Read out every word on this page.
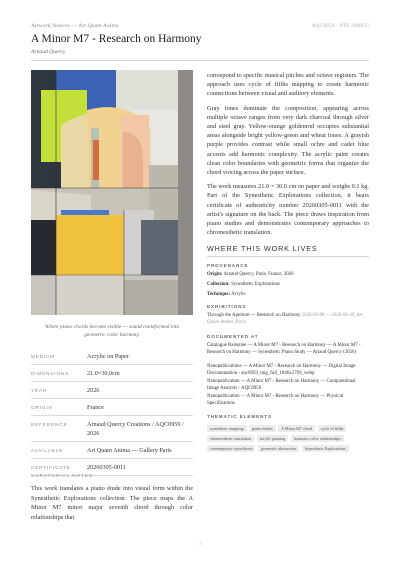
Artwork Notices — Art Quam Anima	AQC0959 · NTC-906035
A Minor M7 - Research on Harmony
Arnaud Quercy
Where piano chords become visible — sound transformed into geometric color harmony.
MEDIUM	Acrylic on Paper
DIMENSIONS	21.0×30.0cm
YEAR	2026
ORIGIN	France
REFERENCE	Arnaud Quercy Creations / AQC0959 / 2026
AVAILABLE	Art Quam Anima — Gallery Paris
CERTIFICATE	20260305-0011
CURATORIAL NOTES
This work translates a piano étude into visual form within the Synesthetic Explorations collection. The piece maps the A Minor M7 minor major seventh chord through color relationships that

correspond to specific musical pitches and octave registers. The approach uses cycle of fifths mapping to create harmonic connections between visual and auditory elements.

Gray tones dominate the composition, appearing across multiple octave ranges from very dark charcoal through silver and steel gray. Yellow-orange goldenrod occupies substantial areas alongside bright yellow-green and wheat tones. A grayish purple provides contrast while small ochre and cadet blue accents add harmonic complexity. The acrylic paint creates clean color boundaries with geometric forms that organize the chord voicing across the paper surface.

The work measures 21.0 × 30.0 cm on paper and weighs 0.1 kg. Part of the Synesthetic Explorations collection, it bears certificate of authenticity number 20260305-0011 with the artist's signature on the back. The piece draws inspiration from piano studies and demonstrates contemporary approaches to chromesthetic translation.

WHERE THIS WORK LIVES
PROVENANCE
Origin: Arnaud Quercy, Paris, France, 2026
Collection: Synesthetic Explorations
Technique: Acrylic
EXHIBITIONS
Through the Aperture — Research on Harmony 2026-03-08 — 2026-04-30, Art Quam Anima, Paris
DOCUMENTED AT
Catalogue Raisonné — A Minor M7 - Research on Harmony — A Minor M7 - Research on Harmony — Synesthetic Piano Study — Artaud Quercy (2026)
Nanopublications — A Minor M7 - Research on Harmony — Digital Image Documentation - aqc0959_img_full_1846x2769_webp
Nanopublication — A Minor M7 - Research on Harmony — Computational Image Analysis - AQC0959
Nanopublication — A Minor M7 - Research on Harmony — Physical Specifications
THEMATIC ELEMENTS
synesthetic mapping	piano études	A Minor M7 chord	cycle of fifths
chromesthetic translation	acrylic painting	harmonic color relationships
contemporary synesthesia	geometric abstraction	Synesthetic Explorations
1
